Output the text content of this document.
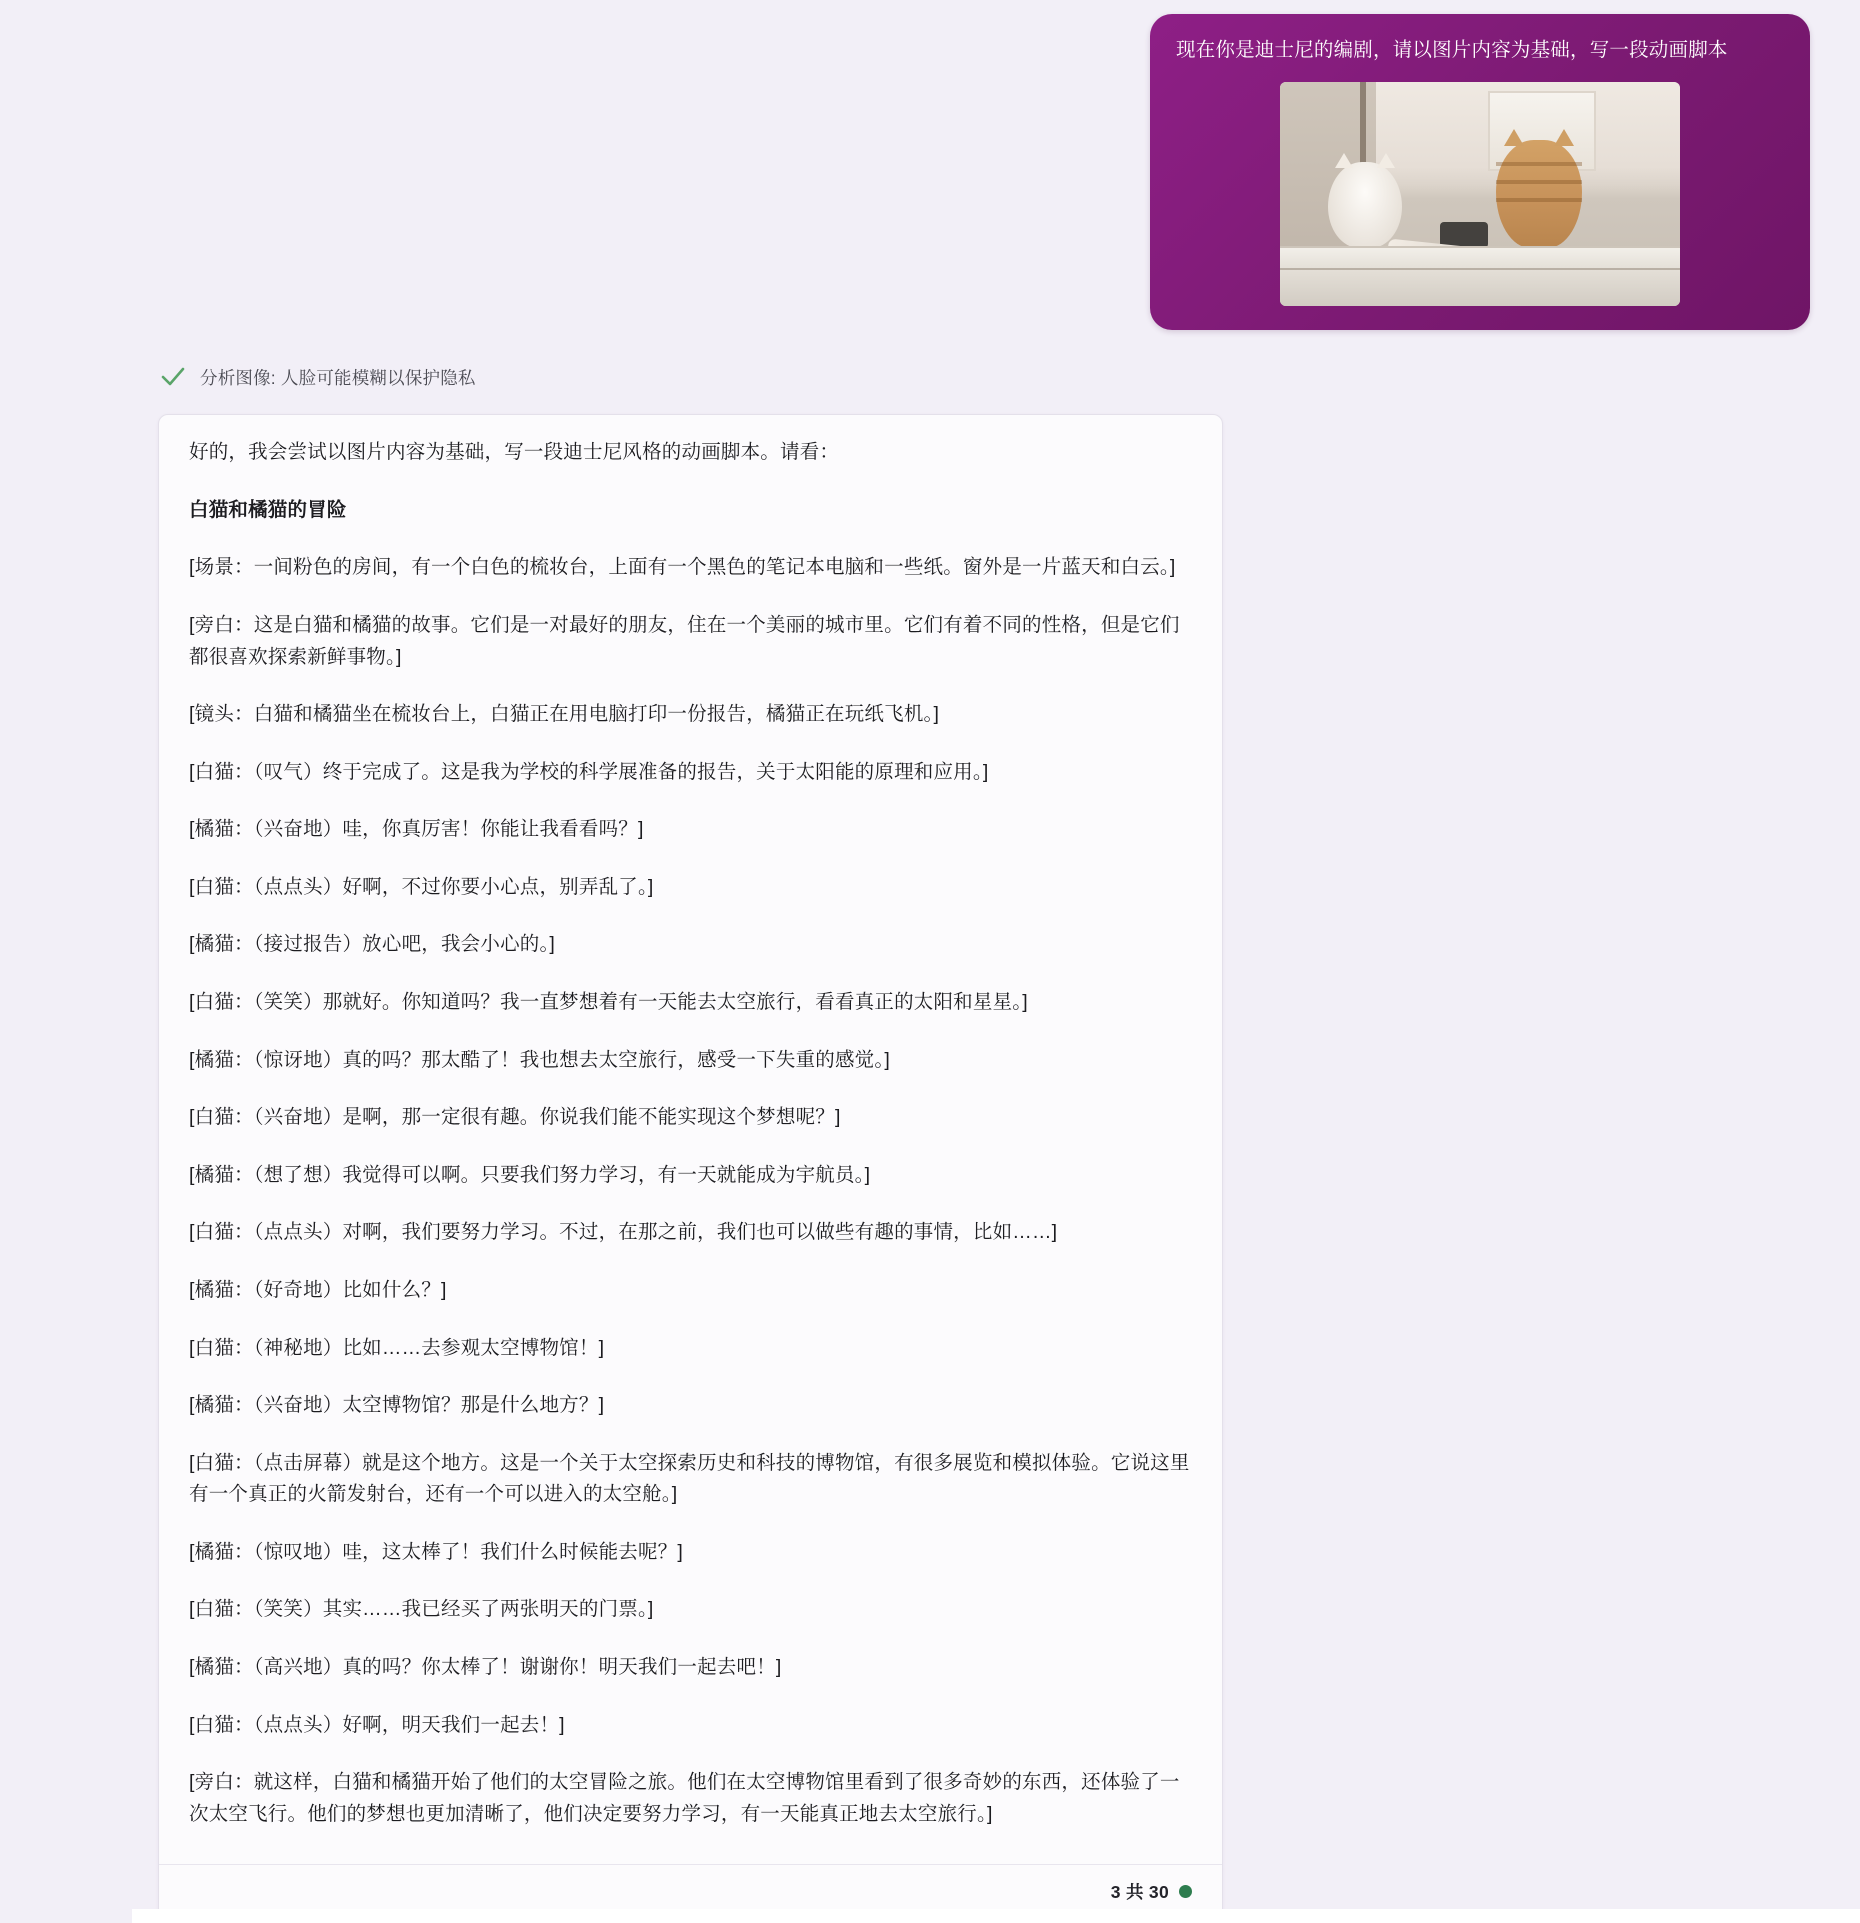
现在你是迪士尼的编剧，请以图片内容为基础，写一段动画脚本
分析图像: 人脸可能模糊以保护隐私

好的，我会尝试以图片内容为基础，写一段迪士尼风格的动画脚本。请看：

白猫和橘猫的冒险

[场景：一间粉色的房间，有一个白色的梳妆台，上面有一个黑色的笔记本电脑和一些纸。窗外是一片蓝天和白云。]

[旁白：这是白猫和橘猫的故事。它们是一对最好的朋友，住在一个美丽的城市里。它们有着不同的性格，但是它们都很喜欢探索新鲜事物。]

[镜头：白猫和橘猫坐在梳妆台上，白猫正在用电脑打印一份报告，橘猫正在玩纸飞机。]

[白猫：（叹气）终于完成了。这是我为学校的科学展准备的报告，关于太阳能的原理和应用。]

[橘猫：（兴奋地）哇，你真厉害！你能让我看看吗？]

[白猫：（点点头）好啊，不过你要小心点，别弄乱了。]

[橘猫：（接过报告）放心吧，我会小心的。]

[白猫：（笑笑）那就好。你知道吗？我一直梦想着有一天能去太空旅行，看看真正的太阳和星星。]

[橘猫：（惊讶地）真的吗？那太酷了！我也想去太空旅行，感受一下失重的感觉。]

[白猫：（兴奋地）是啊，那一定很有趣。你说我们能不能实现这个梦想呢？]

[橘猫：（想了想）我觉得可以啊。只要我们努力学习，有一天就能成为宇航员。]

[白猫：（点点头）对啊，我们要努力学习。不过，在那之前，我们也可以做些有趣的事情，比如……]

[橘猫：（好奇地）比如什么？]

[白猫：（神秘地）比如……去参观太空博物馆！]

[橘猫：（兴奋地）太空博物馆？那是什么地方？]

[白猫：（点击屏幕）就是这个地方。这是一个关于太空探索历史和科技的博物馆，有很多展览和模拟体验。它说这里有一个真正的火箭发射台，还有一个可以进入的太空舱。]

[橘猫：（惊叹地）哇，这太棒了！我们什么时候能去呢？]

[白猫：（笑笑）其实……我已经买了两张明天的门票。]

[橘猫：（高兴地）真的吗？你太棒了！谢谢你！明天我们一起去吧！]

[白猫：（点点头）好啊，明天我们一起去！]

[旁白：就这样，白猫和橘猫开始了他们的太空冒险之旅。他们在太空博物馆里看到了很多奇妙的东西，还体验了一次太空飞行。他们的梦想也更加清晰了，他们决定要努力学习，有一天能真正地去太空旅行。]

3 共 30
